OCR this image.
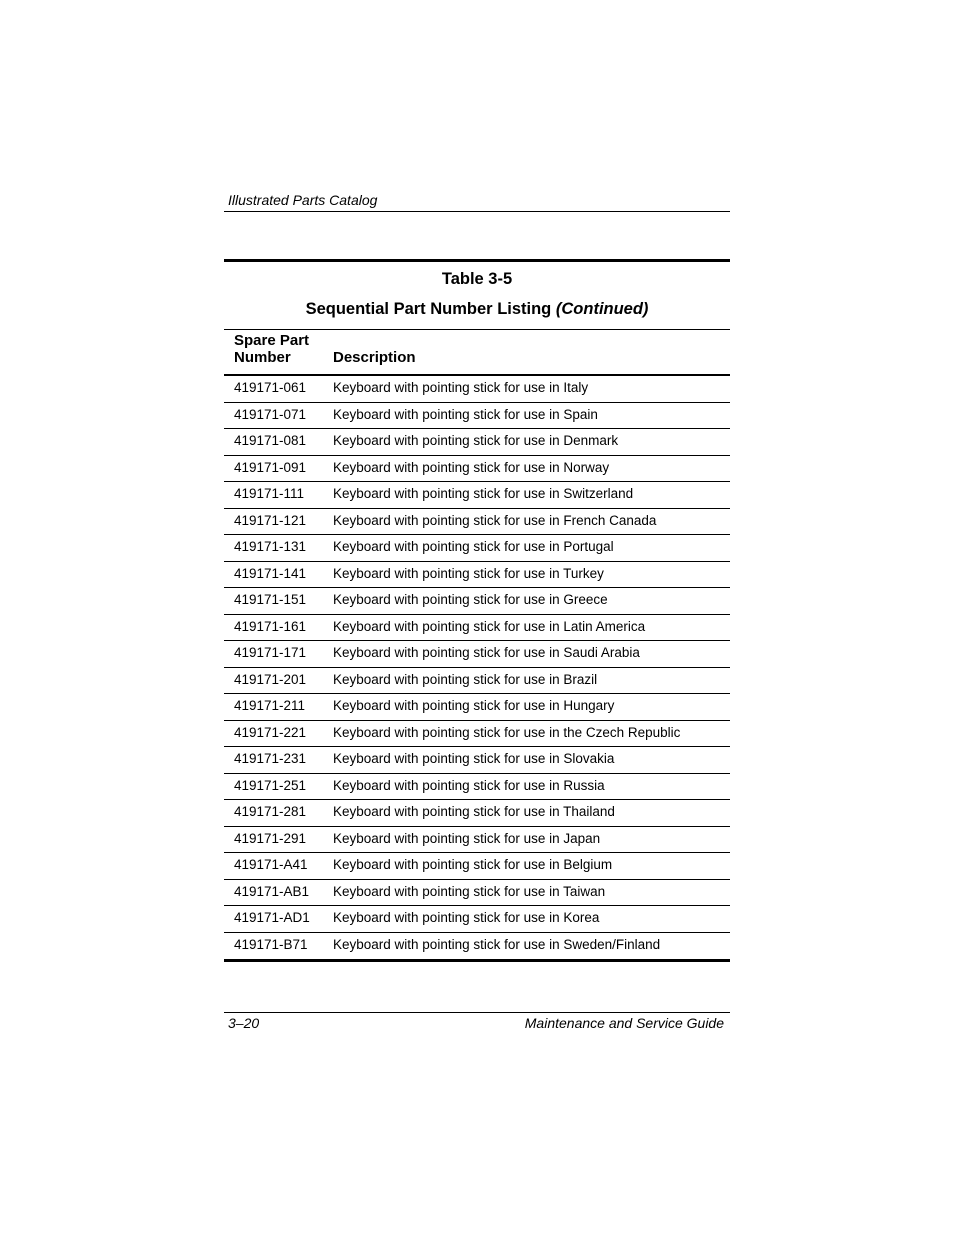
Illustrated Parts Catalog
Table 3-5
Sequential Part Number Listing (Continued)
Spare Part
Number	Description
419171-061 Keyboard with pointing stick for use in Italy
419171-071 Keyboard with pointing stick for use in Spain
419171-081 Keyboard with pointing stick for use in Denmark
419171-091 Keyboard with pointing stick for use in Norway
419171-111 Keyboard with pointing stick for use in Switzerland
419171-121 Keyboard with pointing stick for use in French Canada
419171-131 Keyboard with pointing stick for use in Portugal
419171-141 Keyboard with pointing stick for use in Turkey
419171-151 Keyboard with pointing stick for use in Greece
419171-161 Keyboard with pointing stick for use in Latin America
419171-171 Keyboard with pointing stick for use in Saudi Arabia
419171-201 Keyboard with pointing stick for use in Brazil
419171-211 Keyboard with pointing stick for use in Hungary
419171-221 Keyboard with pointing stick for use in the Czech Republic
419171-231 Keyboard with pointing stick for use in Slovakia
419171-251 Keyboard with pointing stick for use in Russia
419171-281 Keyboard with pointing stick for use in Thailand
419171-291 Keyboard with pointing stick for use in Japan
419171-A41 Keyboard with pointing stick for use in Belgium
419171-AB1 Keyboard with pointing stick for use in Taiwan
419171-AD1 Keyboard with pointing stick for use in Korea
419171-B71 Keyboard with pointing stick for use in Sweden/Finland
3–20	Maintenance and Service Guide
